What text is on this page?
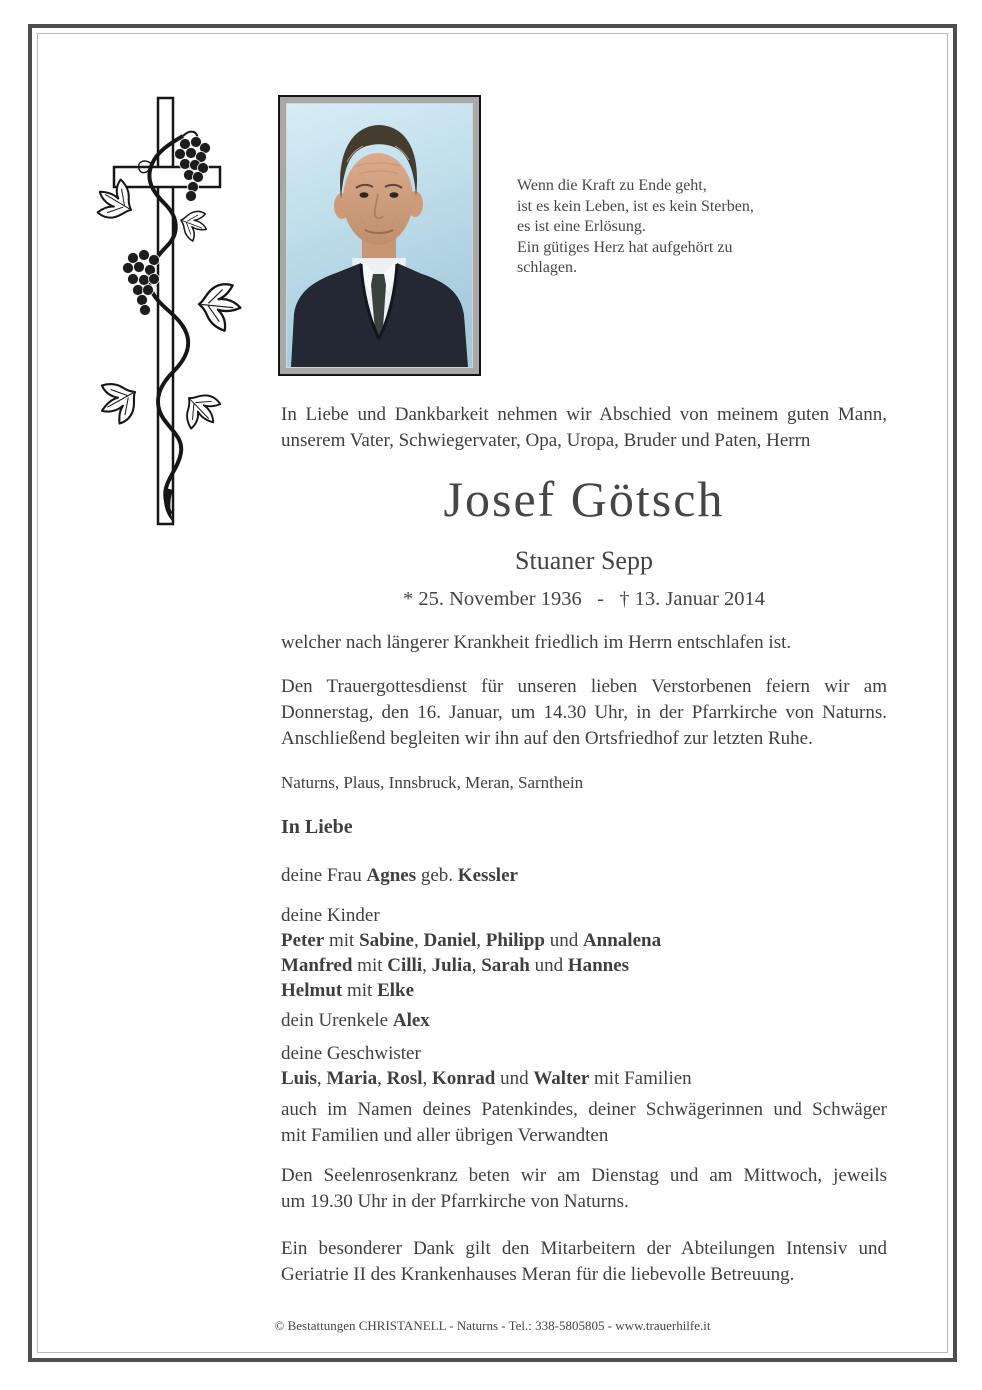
Wenn die Kraft zu Ende geht,
ist es kein Leben, ist es kein Sterben,
es ist eine Erlösung.
Ein gütiges Herz hat aufgehört zu
schlagen.
In Liebe und Dankbarkeit nehmen wir Abschied von meinem guten Mann,
unserem Vater, Schwiegervater, Opa, Uropa, Bruder und Paten, Herrn
Josef Götsch
Stuaner Sepp
* 25. November 1936   -   † 13. Januar 2014
welcher nach längerer Krankheit friedlich im Herrn entschlafen ist.
Den Trauergottesdienst für unseren lieben Verstorbenen feiern wir am
Donnerstag, den 16. Januar, um 14.30 Uhr, in der Pfarrkirche von Naturns.
Anschließend begleiten wir ihn auf den Ortsfriedhof zur letzten Ruhe.
Naturns, Plaus, Innsbruck, Meran, Sarnthein
In Liebe
deine Frau Agnes geb. Kessler
deine Kinder
Peter mit Sabine, Daniel, Philipp und Annalena
Manfred mit Cilli, Julia, Sarah und Hannes
Helmut mit Elke
dein Urenkele Alex
deine Geschwister
Luis, Maria, Rosl, Konrad und Walter mit Familien
auch im Namen deines Patenkindes, deiner Schwägerinnen und Schwäger
mit Familien und aller übrigen Verwandten
Den Seelenrosenkranz beten wir am Dienstag und am Mittwoch, jeweils
um 19.30 Uhr in der Pfarrkirche von Naturns.
Ein besonderer Dank gilt den Mitarbeitern der Abteilungen Intensiv und
Geriatrie II des Krankenhauses Meran für die liebevolle Betreuung.
© Bestattungen CHRISTANELL - Naturns - Tel.: 338-5805805 - www.trauerhilfe.it
